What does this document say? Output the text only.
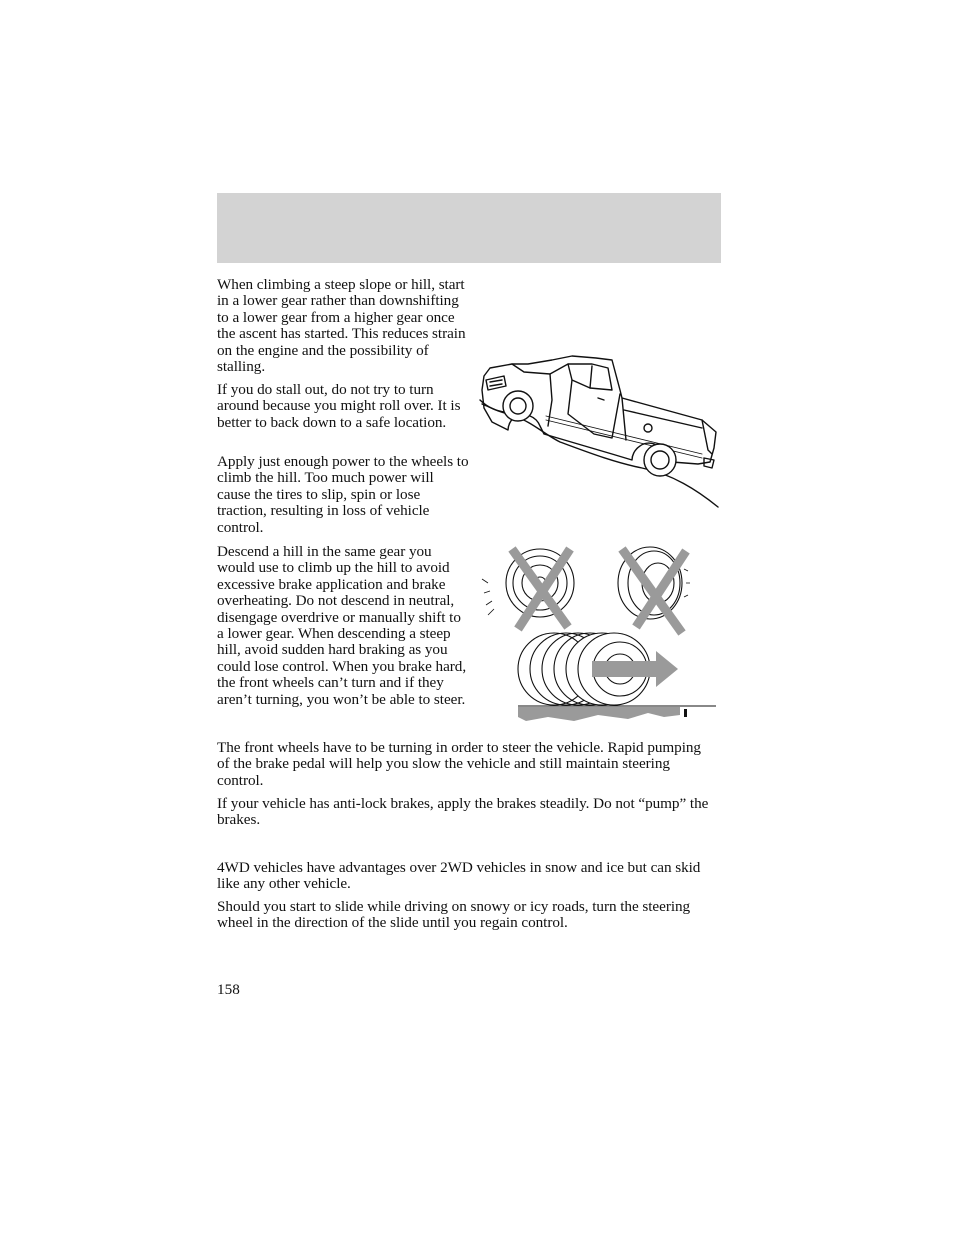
When climbing a steep slope or hill, start in a lower gear rather than downshifting to a lower gear from a higher gear once the ascent has started. This reduces strain on the engine and the possibility of stalling.

If you do stall out, do not try to turn around because you might roll over. It is better to back down to a safe location.

Apply just enough power to the wheels to climb the hill. Too much power will cause the tires to slip, spin or lose traction, resulting in loss of vehicle control.

Descend a hill in the same gear you would use to climb up the hill to avoid excessive brake application and brake overheating. Do not descend in neutral, disengage overdrive or manually shift to a lower gear. When descending a steep hill, avoid sudden hard braking as you could lose control. When you brake hard, the front wheels can’t turn and if they aren’t turning, you won’t be able to steer.

The front wheels have to be turning in order to steer the vehicle. Rapid pumping of the brake pedal will help you slow the vehicle and still maintain steering control.

If your vehicle has anti-lock brakes, apply the brakes steadily. Do not “pump” the brakes.

4WD vehicles have advantages over 2WD vehicles in snow and ice but can skid like any other vehicle.

Should you start to slide while driving on snowy or icy roads, turn the steering wheel in the direction of the slide until you regain control.

158
